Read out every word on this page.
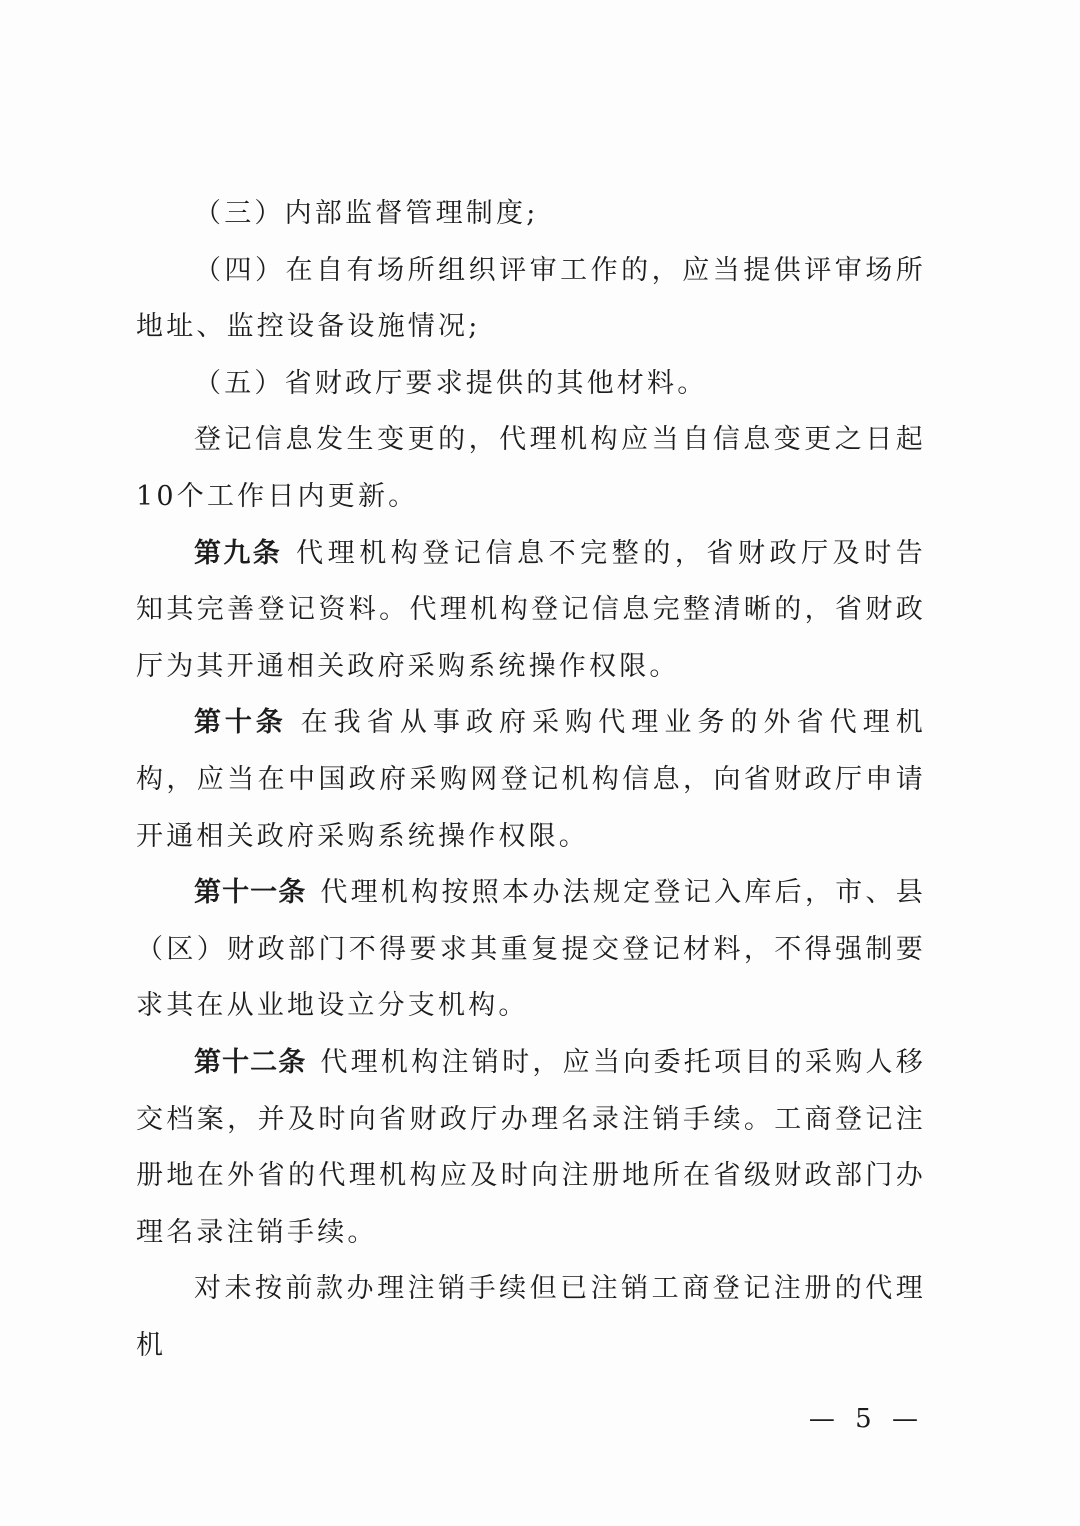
（三）内部监督管理制度;

（四）在自有场所组织评审工作的，应当提供评审场所地址、监控设备设施情况;

（五）省财政厅要求提供的其他材料。

登记信息发生变更的，代理机构应当自信息变更之日起10个工作日内更新。

第九条 代理机构登记信息不完整的，省财政厅及时告知其完善登记资料。代理机构登记信息完整清晰的，省财政厅为其开通相关政府采购系统操作权限。

第十条 在我省从事政府采购代理业务的外省代理机构，应当在中国政府采购网登记机构信息，向省财政厅申请开通相关政府采购系统操作权限。

第十一条 代理机构按照本办法规定登记入库后，市、县（区）财政部门不得要求其重复提交登记材料，不得强制要求其在从业地设立分支机构。

第十二条 代理机构注销时，应当向委托项目的采购人移交档案，并及时向省财政厅办理名录注销手续。工商登记注册地在外省的代理机构应及时向注册地所在省级财政部门办理名录注销手续。

对未按前款办理注销手续但已注销工商登记注册的代理机

— 5 —
